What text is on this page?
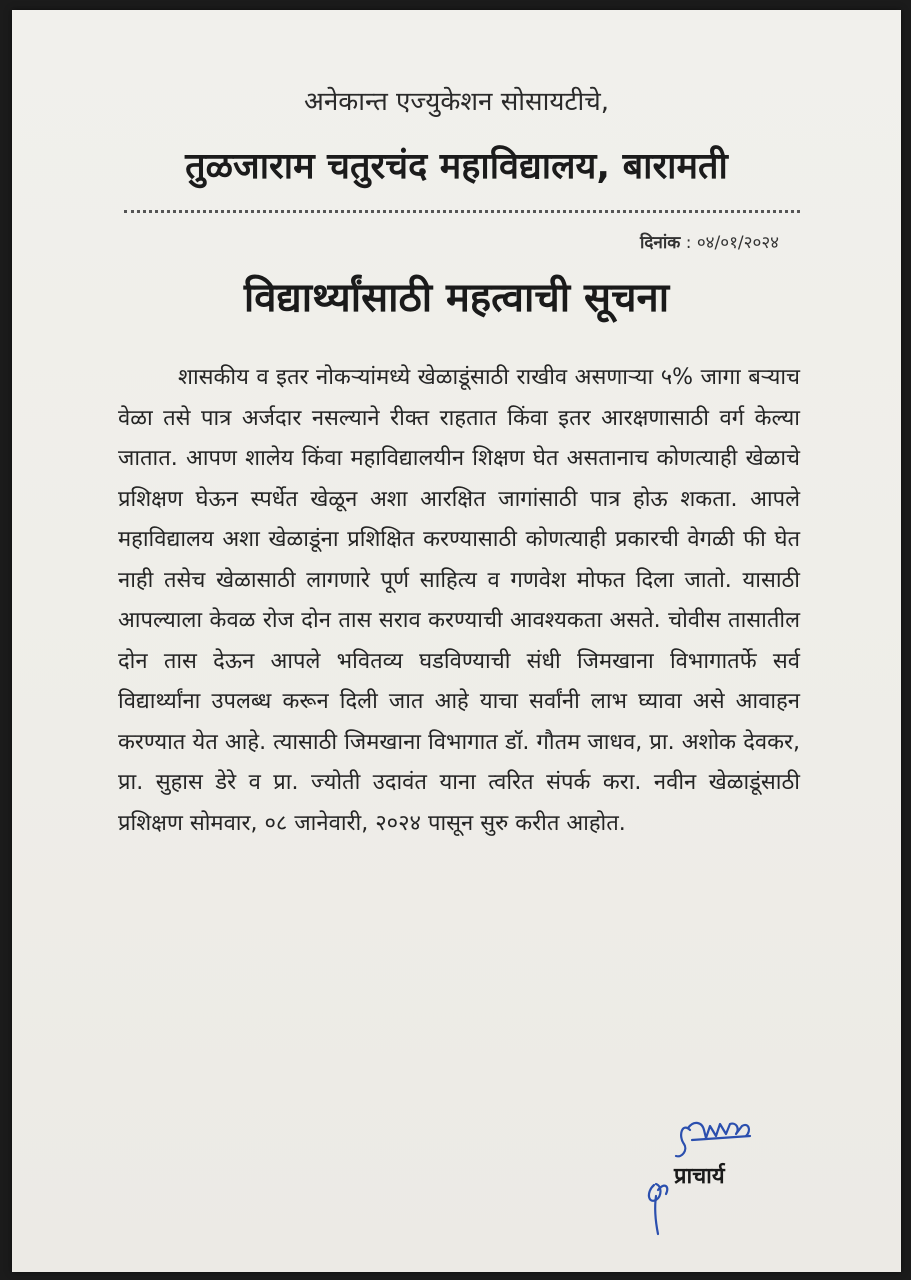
अनेकान्त एज्युकेशन सोसायटीचे,
तुळजाराम चतुरचंद महाविद्यालय, बारामती
दिनांक : ०४/०१/२०२४
विद्यार्थ्यांसाठी महत्वाची सूचना
शासकीय व इतर नोकऱ्यांमध्ये खेळाडूंसाठी राखीव असणाऱ्या ५% जागा बऱ्याच वेळा तसे पात्र अर्जदार नसल्याने रीक्त राहतात किंवा इतर आरक्षणासाठी वर्ग केल्या जातात. आपण शालेय किंवा महाविद्यालयीन शिक्षण घेत असतानाच कोणत्याही खेळाचे प्रशिक्षण घेऊन स्पर्धेत खेळून अशा आरक्षित जागांसाठी पात्र होऊ शकता. आपले महाविद्यालय अशा खेळाडूंना प्रशिक्षित करण्यासाठी कोणत्याही प्रकारची वेगळी फी घेत नाही तसेच खेळासाठी लागणारे पूर्ण साहित्य व गणवेश मोफत दिला जातो. यासाठी आपल्याला केवळ रोज दोन तास सराव करण्याची आवश्यकता असते. चोवीस तासातील दोन तास देऊन आपले भवितव्य घडविण्याची संधी जिमखाना विभागातर्फे सर्व विद्यार्थ्यांना उपलब्ध करून दिली जात आहे याचा सर्वांनी लाभ घ्यावा असे आवाहन करण्यात येत आहे. त्यासाठी जिमखाना विभागात डॉ. गौतम जाधव, प्रा. अशोक देवकर, प्रा. सुहास डेरे व प्रा. ज्योती उदावंत याना त्वरित संपर्क करा. नवीन खेळाडूंसाठी प्रशिक्षण सोमवार, ०८ जानेवारी, २०२४ पासून सुरु करीत आहोत.
प्राचार्य
